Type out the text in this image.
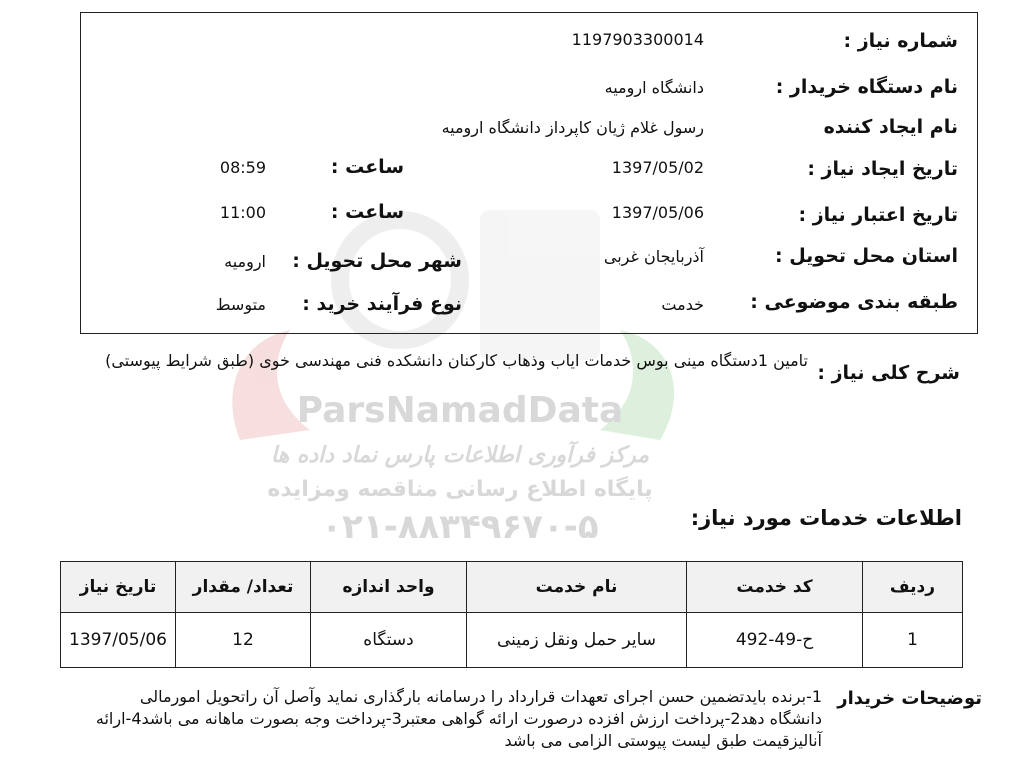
ParsNamadData
مرکز فرآوری اطلاعات پارس نماد داده ها
پایگاه اطلاع رسانی مناقصه ومزایده
۰۲۱-۸۸۳۴۹۶۷۰-۵
شماره نیاز :
1197903300014
نام دستگاه خریدار :
دانشگاه ارومیه
نام ایجاد کننده
رسول غلام ژیان کاپرداز دانشگاه ارومیه
تاریخ ایجاد نیاز :
1397/05/02
ساعت :
08:59
تاریخ اعتبار نیاز :
1397/05/06
ساعت :
11:00
استان محل تحویل :
آذربایجان غربی
شهر محل تحویل :
ارومیه
طبقه بندی موضوعی :
خدمت
نوع فرآیند خرید :
متوسط
شرح کلی نیاز :
تامین 1دستگاه مینی بوس خدمات ایاب وذهاب کارکنان دانشکده فنی مهندسی خوی (طبق شرایط پیوستی)
اطلاعات خدمات مورد نیاز:
ردیف	کد خدمت	نام خدمت	واحد اندازه	تعداد/ مقدار	تاریخ نیاز
1	ح-49-492	سایر حمل ونقل زمینی	دستگاه	12	1397/05/06
توضیحات خریدار
1-برنده بایدتضمین حسن اجرای تعهدات قرارداد را درسامانه بارگذاری نماید وآصل آن راتحویل امورمالی دانشگاه دهد2-پرداخت ارزش افزده درصورت ارائه گواهی معتبر3-پرداخت وجه بصورت ماهانه می باشد4-ارائه آنالیزقیمت طبق لیست پیوستی الزامی می باشد
